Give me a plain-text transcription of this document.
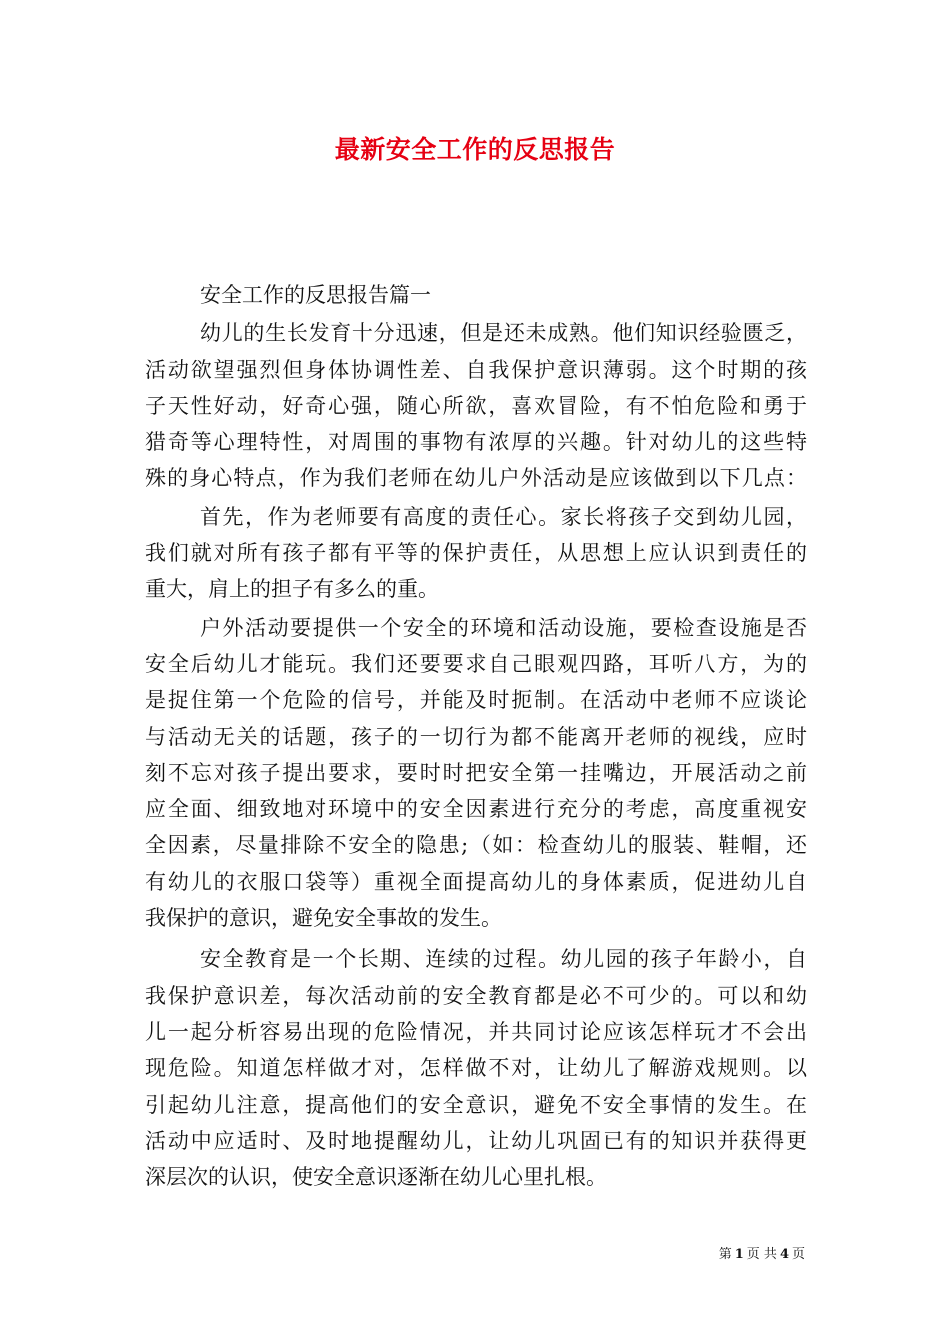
最新安全工作的反思报告

安全工作的反思报告篇一

幼儿的生长发育十分迅速，但是还未成熟。他们知识经验匮乏，
活动欲望强烈但身体协调性差、自我保护意识薄弱。这个时期的孩
子天性好动，好奇心强，随心所欲，喜欢冒险，有不怕危险和勇于
猎奇等心理特性，对周围的事物有浓厚的兴趣。针对幼儿的这些特
殊的身心特点，作为我们老师在幼儿户外活动是应该做到以下几点：

首先，作为老师要有高度的责任心。家长将孩子交到幼儿园，
我们就对所有孩子都有平等的保护责任，从思想上应认识到责任的
重大，肩上的担子有多么的重。

户外活动要提供一个安全的环境和活动设施，要检查设施是否
安全后幼儿才能玩。我们还要要求自己眼观四路，耳听八方，为的
是捉住第一个危险的信号，并能及时扼制。在活动中老师不应谈论
与活动无关的话题，孩子的一切行为都不能离开老师的视线，应时
刻不忘对孩子提出要求，要时时把安全第一挂嘴边，开展活动之前
应全面、细致地对环境中的安全因素进行充分的考虑，高度重视安
全因素，尽量排除不安全的隐患;（如：检查幼儿的服装、鞋帽，还
有幼儿的衣服口袋等）重视全面提高幼儿的身体素质，促进幼儿自
我保护的意识，避免安全事故的发生。

安全教育是一个长期、连续的过程。幼儿园的孩子年龄小，自
我保护意识差，每次活动前的安全教育都是必不可少的。可以和幼
儿一起分析容易出现的危险情况，并共同讨论应该怎样玩才不会出
现危险。知道怎样做才对，怎样做不对，让幼儿了解游戏规则。以
引起幼儿注意，提高他们的安全意识，避免不安全事情的发生。在
活动中应适时、及时地提醒幼儿，让幼儿巩固已有的知识并获得更
深层次的认识，使安全意识逐渐在幼儿心里扎根。

第 1 页 共 4 页
